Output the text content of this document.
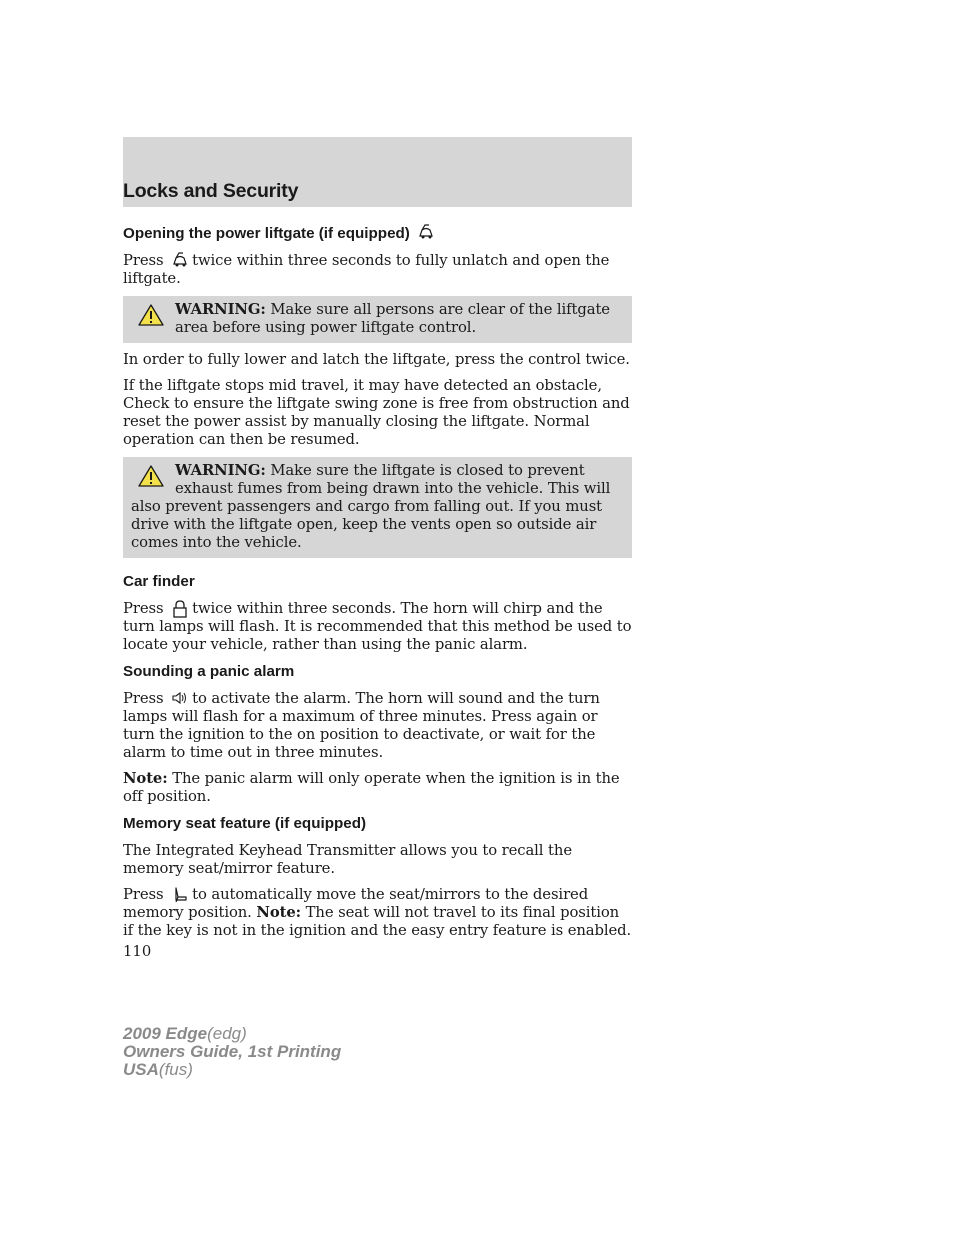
Locks and Security
Opening the power liftgate (if equipped)

Press twice within three seconds to fully unlatch and open the liftgate.

WARNING: Make sure all persons are clear of the liftgate area before using power liftgate control.

In order to fully lower and latch the liftgate, press the control twice.

If the liftgate stops mid travel, it may have detected an obstacle, Check to ensure the liftgate swing zone is free from obstruction and reset the power assist by manually closing the liftgate. Normal operation can then be resumed.

WARNING: Make sure the liftgate is closed to prevent exhaust fumes from being drawn into the vehicle. This will also prevent passengers and cargo from falling out. If you must drive with the liftgate open, keep the vents open so outside air comes into the vehicle.
Car finder

Press twice within three seconds. The horn will chirp and the turn lamps will flash. It is recommended that this method be used to locate your vehicle, rather than using the panic alarm.

Sounding a panic alarm

Press to activate the alarm. The horn will sound and the turn lamps will flash for a maximum of three minutes. Press again or turn the ignition to the on position to deactivate, or wait for the alarm to time out in three minutes.

Note: The panic alarm will only operate when the ignition is in the off position.

Memory seat feature (if equipped)

The Integrated Keyhead Transmitter allows you to recall the memory seat/mirror feature.

Press to automatically move the seat/mirrors to the desired memory position. Note: The seat will not travel to its final position if the key is not in the ignition and the easy entry feature is enabled.

110
2009 Edge(edg)
Owners Guide, 1st Printing
USA(fus)
